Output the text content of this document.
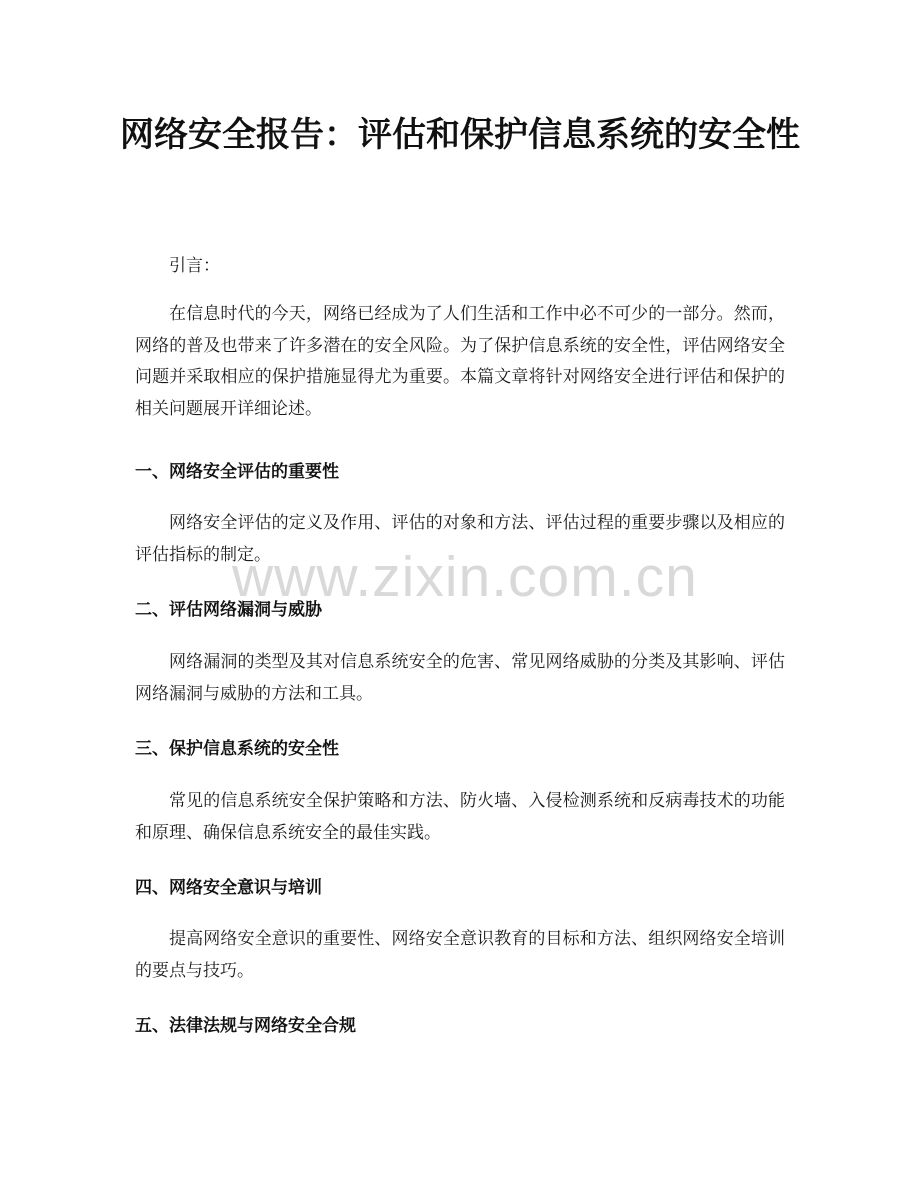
网络安全报告：评估和保护信息系统的安全性

引言：

在信息时代的今天，网络已经成为了人们生活和工作中必不可少的一部分。然而，网络的普及也带来了许多潜在的安全风险。为了保护信息系统的安全性，评估网络安全问题并采取相应的保护措施显得尤为重要。本篇文章将针对网络安全进行评估和保护的相关问题展开详细论述。

一、网络安全评估的重要性

网络安全评估的定义及作用、评估的对象和方法、评估过程的重要步骤以及相应的评估指标的制定。

二、评估网络漏洞与威胁

网络漏洞的类型及其对信息系统安全的危害、常见网络威胁的分类及其影响、评估网络漏洞与威胁的方法和工具。

三、保护信息系统的安全性

常见的信息系统安全保护策略和方法、防火墙、入侵检测系统和反病毒技术的功能和原理、确保信息系统安全的最佳实践。

四、网络安全意识与培训

提高网络安全意识的重要性、网络安全意识教育的目标和方法、组织网络安全培训的要点与技巧。

五、法律法规与网络安全合规
www.zixin.com.cn
